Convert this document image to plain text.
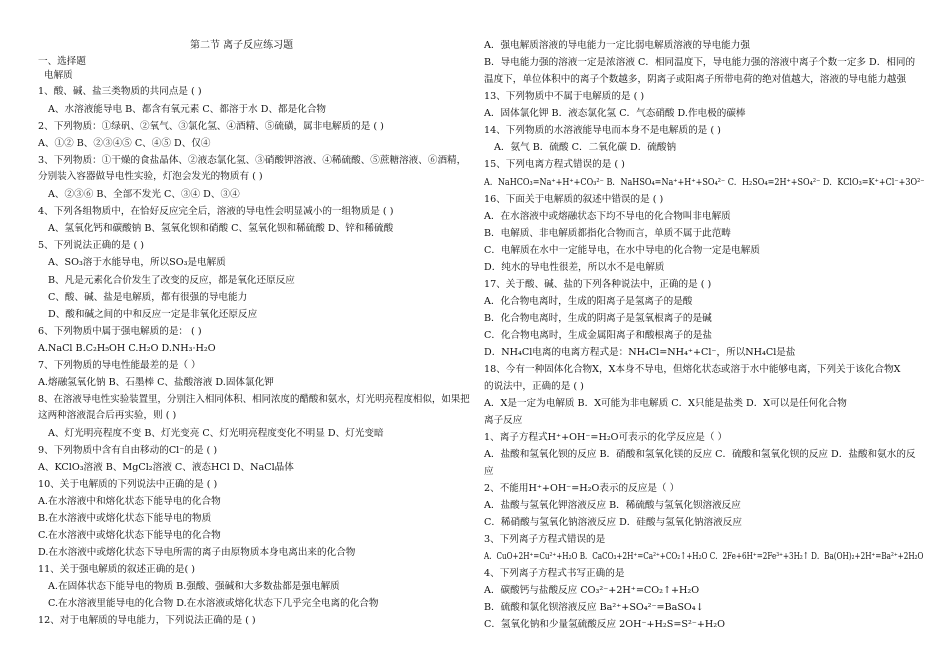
第二节 离子反应练习题
一、选择题
电解质
1、酸、碱、盐三类物质的共同点是 ( )
A、水溶液能导电 B、都含有氧元素 C、都溶于水 D、都是化合物
2、下列物质：①绿矾、②氧气、③氯化氢、④酒精、⑤硫磺，属非电解质的是 ( )
A、①② B、②③④⑤ C、④⑤ D、仅④
3、下列物质：①干燥的食盐晶体、②液态氯化氢、③硝酸钾溶液、④稀硫酸、⑤蔗糖溶液、⑥酒精，
分别装入容器做导电性实验，灯泡会发光的物质有 ( )
A、②③⑥ B、全部不发光 C、③④ D、③④
4、下列各组物质中，在恰好反应完全后，溶液的导电性会明显减小的一组物质是 ( )
A、氢氧化钙和碳酸钠 B、氢氧化钡和硝酸 C、氢氧化钡和稀硫酸 D、锌和稀硫酸
5、下列说法正确的是 ( )
A、SO₃溶于水能导电，所以SO₃是电解质
B、凡是元素化合价发生了改变的反应，都是氧化还原反应
C、酸、碱、盐是电解质，都有很强的导电能力
D、酸和碱之间的中和反应一定是非氧化还原反应
6、下列物质中属于强电解质的是： ( )
A.NaCl B.C₂H₅OH C.H₂O D.NH₃·H₂O
7、下列物质的导电性能最差的是（ ）
A.熔融氢氧化钠 B、石墨棒 C、盐酸溶液 D.固体氯化钾
8、在溶液导电性实验装置里，分别注入相同体积、相同浓度的醋酸和氨水，灯光明亮程度相似，如果把
这两种溶液混合后再实验，则 ( )
A、灯光明亮程度不变 B、灯光变亮 C、灯光明亮程度变化不明显 D、灯光变暗
9、下列物质中含有自由移动的Cl⁻的是 ( )
A、KClO₃溶液 B、MgCl₂溶液 C、液态HCl D、NaCl晶体
10、关于电解质的下列说法中正确的是 ( )
A.在水溶液中和熔化状态下能导电的化合物
B.在水溶液中或熔化状态下能导电的物质
C.在水溶液中或熔化状态下能导电的化合物
D.在水溶液中或熔化状态下导电所需的离子由原物质本身电离出来的化合物
11、关于强电解质的叙述正确的是( )
A.在固体状态下能导电的物质 B.强酸、强碱和大多数盐都是强电解质
C.在水溶液里能导电的化合物 D.在水溶液或熔化状态下几乎完全电离的化合物
12、对于电解质的导电能力，下列说法正确的是 ( )
A．强电解质溶液的导电能力一定比弱电解质溶液的导电能力强
B．导电能力强的溶液一定是浓溶液 C．相同温度下，导电能力强的溶液中离子个数一定多 D．相同的
温度下，单位体积中的离子个数越多，阴离子或阳离子所带电荷的绝对值越大，溶液的导电能力越强
13、下列物质中不属于电解质的是 ( )
A．固体氯化钾 B．液态氯化氢 C．气态硝酸 D.作电极的碳棒
14、下列物质的水溶液能导电而本身不是电解质的是 ( )
A．氨气 B．硫酸 C．二氧化碳 D．硫酸钠
15、下列电离方程式错误的是 ( )
A．NaHCO₃=Na⁺+H⁺+CO₃²⁻ B．NaHSO₄=Na⁺+H⁺+SO₄²⁻ C．H₂SO₄=2H⁺+SO₄²⁻ D．KClO₃=K⁺+Cl⁻+3O²⁻
16、下面关于电解质的叙述中错误的是 ( )
A．在水溶液中或熔融状态下均不导电的化合物叫非电解质
B．电解质、非电解质都指化合物而言，单质不属于此范畴
C．电解质在水中一定能导电，在水中导电的化合物一定是电解质
D．纯水的导电性很差，所以水不是电解质
17、关于酸、碱、盐的下列各种说法中，正确的是 ( )
A．化合物电离时，生成的阳离子是氢离子的是酸
B．化合物电离时，生成的阴离子是氢氧根离子的是碱
C．化合物电离时，生成金属阳离子和酸根离子的是盐
D．NH₄Cl电离的电离方程式是：NH₄Cl=NH₄⁺+Cl⁻，所以NH₄Cl是盐
18、今有一种固体化合物X，X本身不导电，但熔化状态或溶于水中能够电离，下列关于该化合物X
的说法中，正确的是 ( )
A．X是一定为电解质 B．X可能为非电解质 C．X只能是盐类 D．X可以是任何化合物
离子反应
1、离子方程式H⁺+OH⁻=H₂O可表示的化学反应是（ ）
A．盐酸和氢氧化钡的反应 B．硝酸和氢氧化镁的反应 C．硫酸和氢氧化钡的反应 D．盐酸和氨水的反
应
2、不能用H⁺+OH⁻=H₂O表示的反应是（ ）
A．盐酸与氢氧化钾溶液反应 B．稀硫酸与氢氧化钡溶液反应
C．稀硝酸与氢氧化钠溶液反应 D．硅酸与氢氧化钠溶液反应
3、下列离子方程式错误的是
A．CuO+2H⁺=Cu²⁺+H₂O B．CaCO₃+2H⁺=Ca²⁺+CO₂↑+H₂O C．2Fe+6H⁺=2Fe³⁺+3H₂↑ D．Ba(OH)₂+2H⁺=Ba²⁺+2H₂O
4、下列离子方程式书写正确的是
A．碳酸钙与盐酸反应 CO₃²⁻+2H⁺=CO₂↑+H₂O
B．硫酸和氯化钡溶液反应 Ba²⁺+SO₄²⁻=BaSO₄↓
C．氢氧化钠和少量氢硫酸反应 2OH⁻+H₂S=S²⁻+H₂O
